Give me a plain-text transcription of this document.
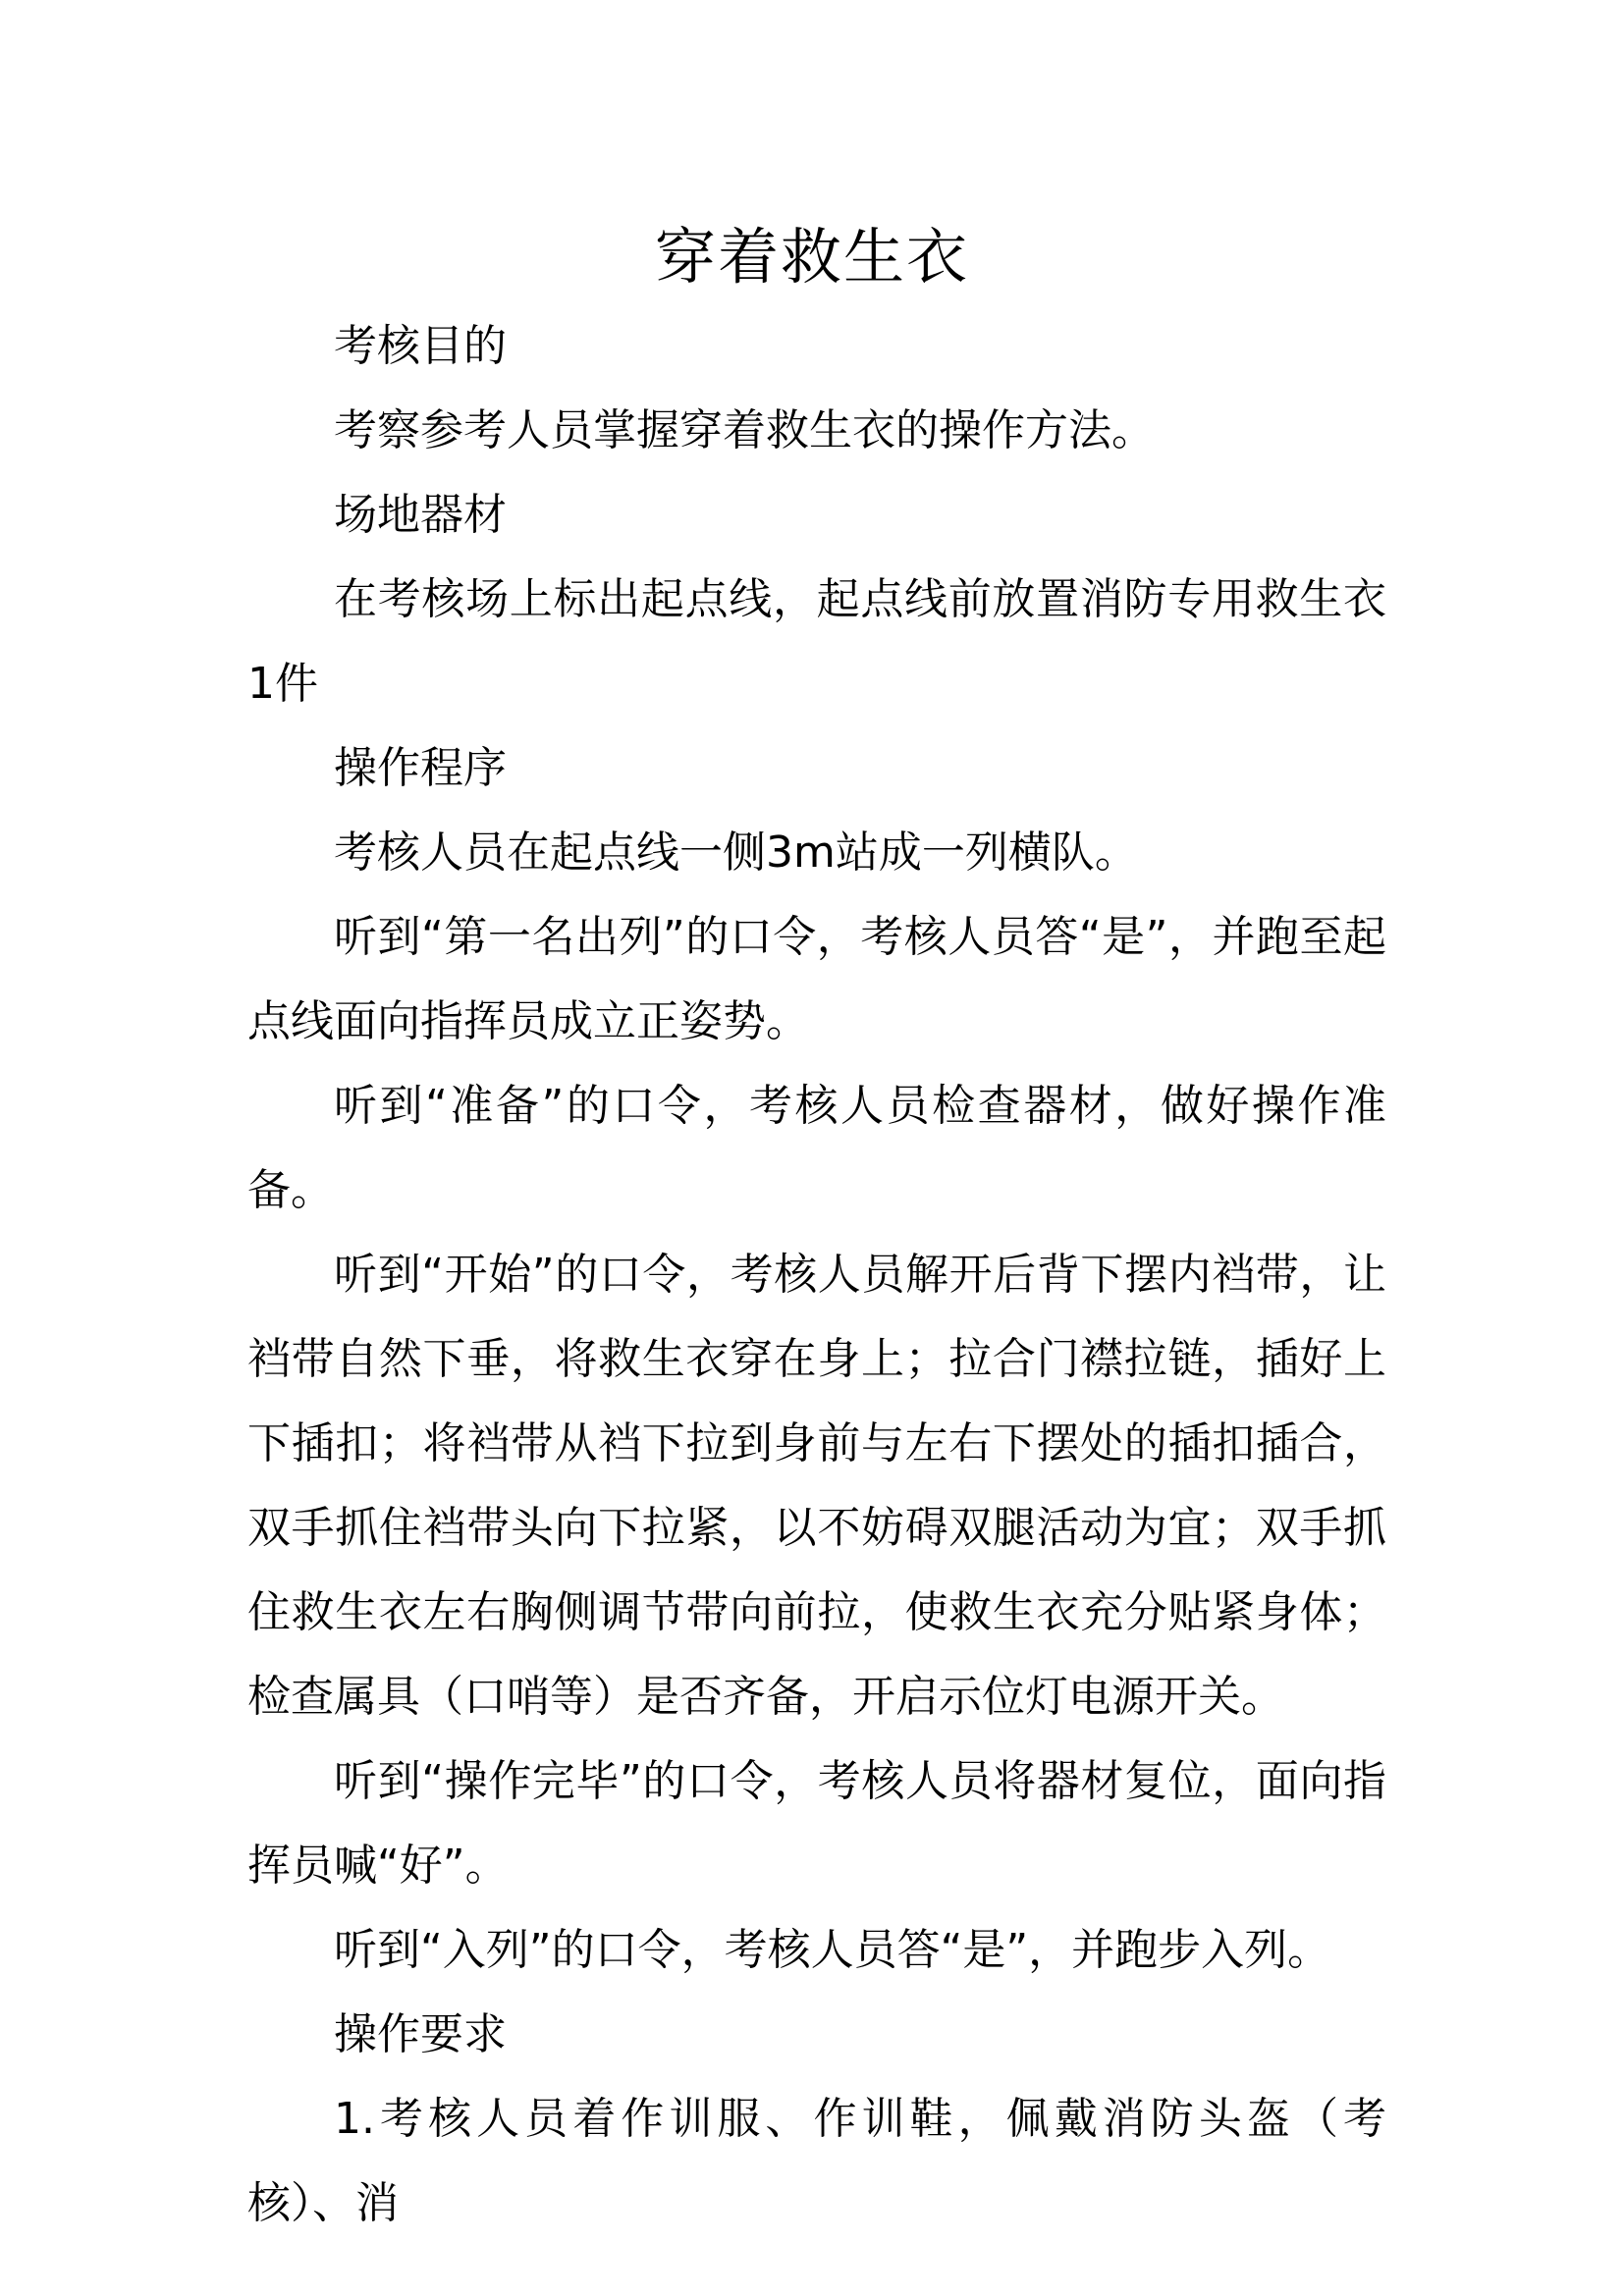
穿着救生衣

考核目的

考察参考人员掌握穿着救生衣的操作方法。

场地器材

在考核场上标出起点线，起点线前放置消防专用救生衣1件

操作程序

考核人员在起点线一侧3m站成一列横队。

听到“第一名出列”的口令，考核人员答“是”，并跑至起点线面向指挥员成立正姿势。

听到“准备”的口令，考核人员检查器材，做好操作准备。

听到“开始”的口令，考核人员解开后背下摆内裆带，让裆带自然下垂，将救生衣穿在身上；拉合门襟拉链，插好上下插扣；将裆带从裆下拉到身前与左右下摆处的插扣插合，双手抓住裆带头向下拉紧，以不妨碍双腿活动为宜；双手抓住救生衣左右胸侧调节带向前拉，使救生衣充分贴紧身体；检查属具（口哨等）是否齐备，开启示位灯电源开关。

听到“操作完毕”的口令，考核人员将器材复位，面向指挥员喊“好”。

听到“入列”的口令，考核人员答“是”，并跑步入列。

操作要求

1.考核人员着作训服、作训鞋，佩戴消防头盔（考核）、消
